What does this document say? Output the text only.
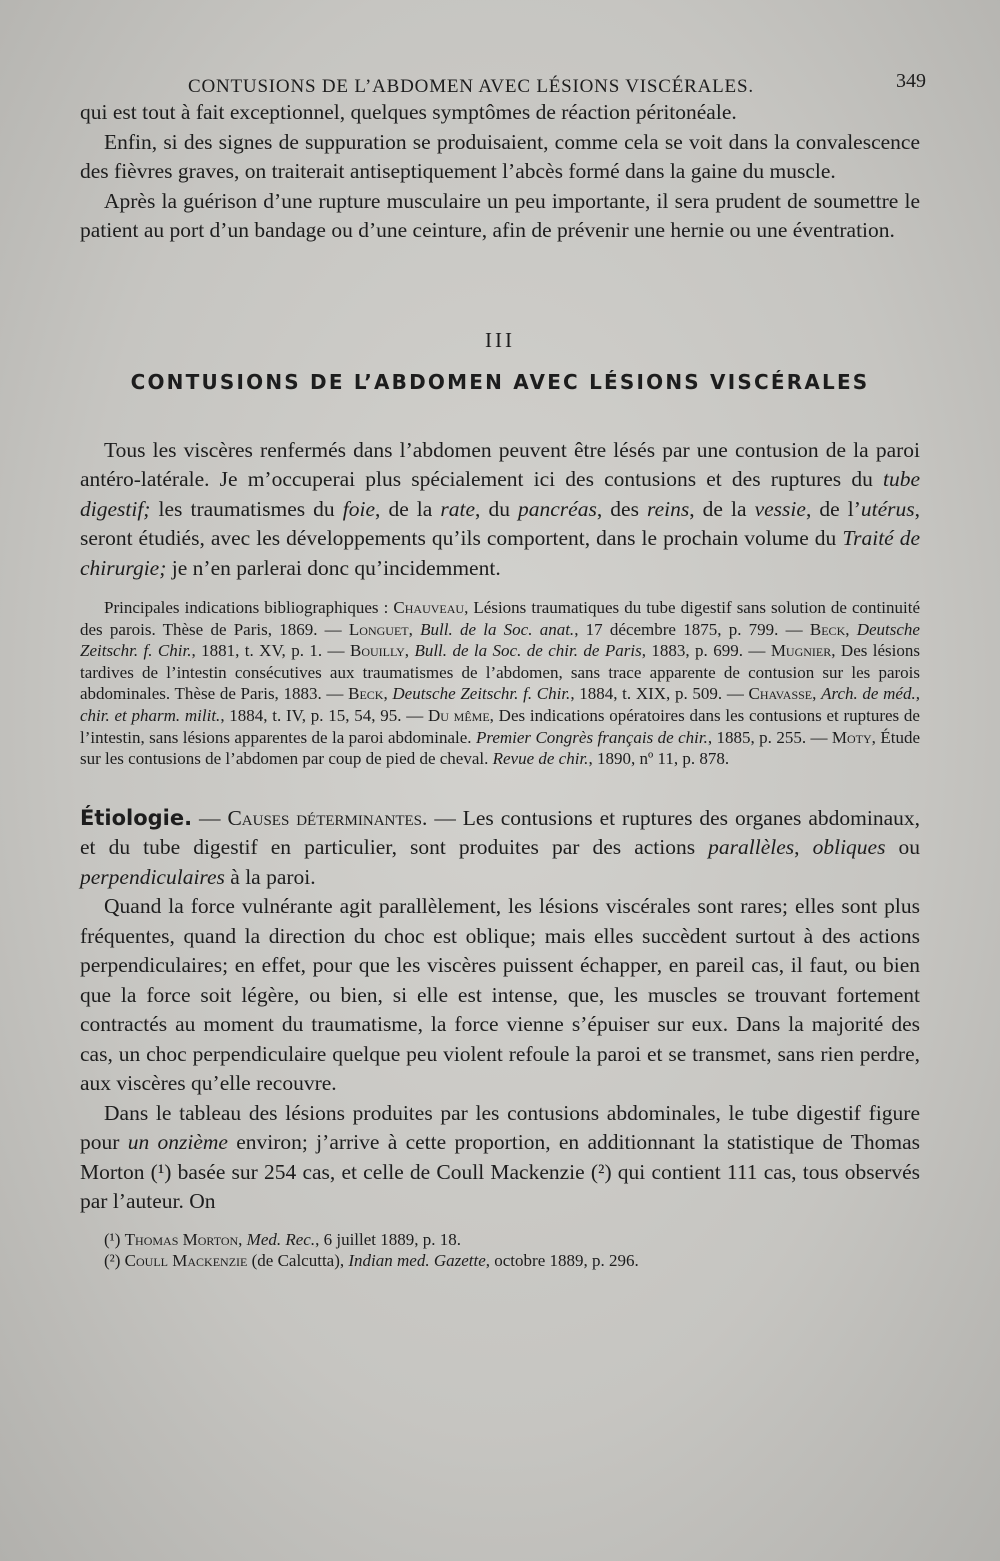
CONTUSIONS DE L’ABDOMEN AVEC LÉSIONS VISCÉRALES.	349

qui est tout à fait exceptionnel, quelques symptômes de réaction péritonéale.

Enfin, si des signes de suppuration se produisaient, comme cela se voit dans la convalescence des fièvres graves, on traiterait antiseptiquement l’abcès formé dans la gaine du muscle.

Après la guérison d’une rupture musculaire un peu importante, il sera prudent de soumettre le patient au port d’un bandage ou d’une ceinture, afin de prévenir une hernie ou une éventration.

III

CONTUSIONS DE L’ABDOMEN AVEC LÉSIONS VISCÉRALES

Tous les viscères renfermés dans l’abdomen peuvent être lésés par une contusion de la paroi antéro-latérale. Je m’occuperai plus spécialement ici des contusions et des ruptures du tube digestif; les traumatismes du foie, de la rate, du pancréas, des reins, de la vessie, de l’utérus, seront étudiés, avec les développements qu’ils comportent, dans le prochain volume du Traité de chirurgie; je n’en parlerai donc qu’incidemment.

Principales indications bibliographiques : Chauveau, Lésions traumatiques du tube digestif sans solution de continuité des parois. Thèse de Paris, 1869. — Longuet, Bull. de la Soc. anat., 17 décembre 1875, p. 799. — Beck, Deutsche Zeitschr. f. Chir., 1881, t. XV, p. 1. — Bouilly, Bull. de la Soc. de chir. de Paris, 1883, p. 699. — Mugnier, Des lésions tardives de l’intestin consécutives aux traumatismes de l’abdomen, sans trace apparente de contusion sur les parois abdominales. Thèse de Paris, 1883. — Beck, Deutsche Zeitschr. f. Chir., 1884, t. XIX, p. 509. — Chavasse, Arch. de méd., chir. et pharm. milit., 1884, t. IV, p. 15, 54, 95. — Du même, Des indications opératoires dans les contusions et ruptures de l’intestin, sans lésions apparentes de la paroi abdominale. Premier Congrès français de chir., 1885, p. 255. — Moty, Étude sur les contusions de l’abdomen par coup de pied de cheval. Revue de chir., 1890, nº 11, p. 878.

Étiologie. — Causes déterminantes. — Les contusions et ruptures des organes abdominaux, et du tube digestif en particulier, sont produites par des actions parallèles, obliques ou perpendiculaires à la paroi.

Quand la force vulnérante agit parallèlement, les lésions viscérales sont rares; elles sont plus fréquentes, quand la direction du choc est oblique; mais elles succèdent surtout à des actions perpendiculaires; en effet, pour que les viscères puissent échapper, en pareil cas, il faut, ou bien que la force soit légère, ou bien, si elle est intense, que, les muscles se trouvant fortement contractés au moment du traumatisme, la force vienne s’épuiser sur eux. Dans la majorité des cas, un choc perpendiculaire quelque peu violent refoule la paroi et se transmet, sans rien perdre, aux viscères qu’elle recouvre.

Dans le tableau des lésions produites par les contusions abdominales, le tube digestif figure pour un onzième environ; j’arrive à cette proportion, en additionnant la statistique de Thomas Morton (¹) basée sur 254 cas, et celle de Coull Mackenzie (²) qui contient 111 cas, tous observés par l’auteur. On

(¹) Thomas Morton, Med. Rec., 6 juillet 1889, p. 18.

(²) Coull Mackenzie (de Calcutta), Indian med. Gazette, octobre 1889, p. 296.
